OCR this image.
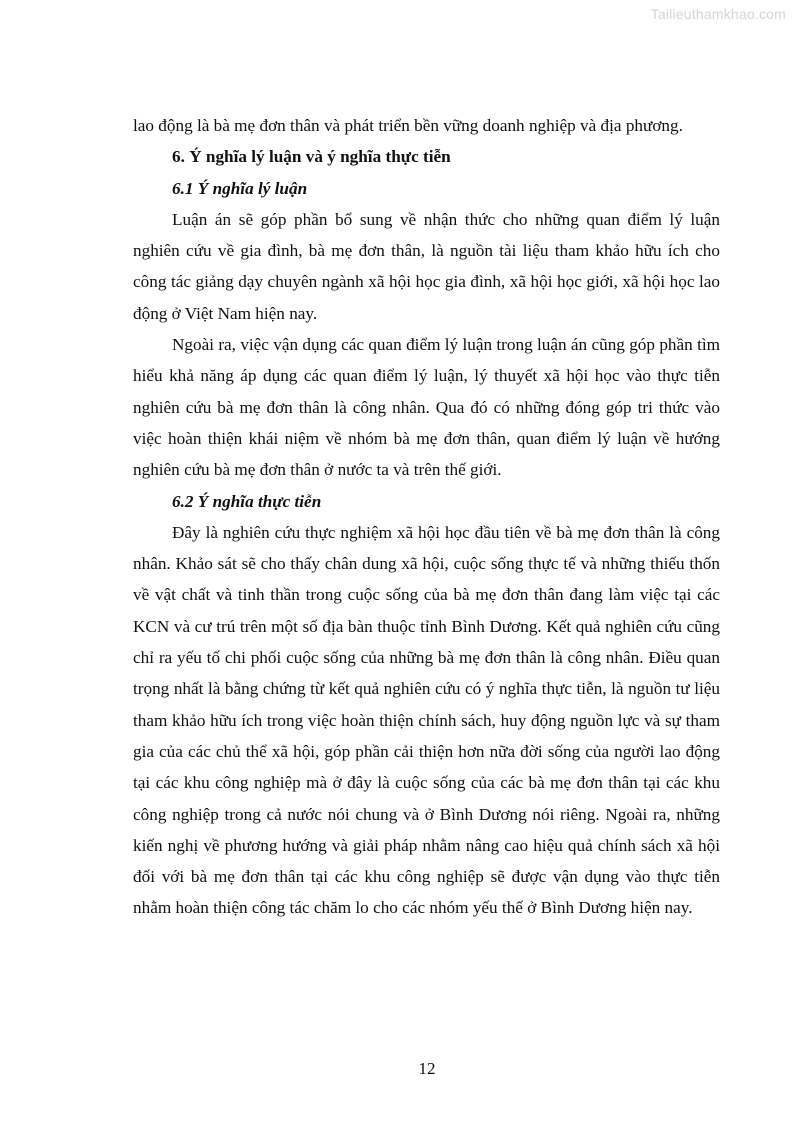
Tailieuthamkhao.com

lao động là bà mẹ đơn thân và phát triển bền vững doanh nghiệp và địa phương.

6. Ý nghĩa lý luận và ý nghĩa thực tiễn

6.1 Ý nghĩa lý luận

Luận án sẽ góp phần bổ sung về nhận thức cho những quan điểm lý luận nghiên cứu về gia đình, bà mẹ đơn thân, là nguồn tài liệu tham khảo hữu ích cho công tác giảng dạy chuyên ngành xã hội học gia đình, xã hội học giới, xã hội học lao động ở Việt Nam hiện nay.

Ngoài ra, việc vận dụng các quan điểm lý luận trong luận án cũng góp phần tìm hiểu khả năng áp dụng các quan điểm lý luận, lý thuyết xã hội học vào thực tiễn nghiên cứu bà mẹ đơn thân là công nhân. Qua đó có những đóng góp tri thức vào việc hoàn thiện khái niệm về nhóm bà mẹ đơn thân, quan điểm lý luận về hướng nghiên cứu bà mẹ đơn thân ở nước ta và trên thế giới.

6.2 Ý nghĩa thực tiễn

Đây là nghiên cứu thực nghiệm xã hội học đầu tiên về bà mẹ đơn thân là công nhân. Khảo sát sẽ cho thấy chân dung xã hội, cuộc sống thực tế và những thiếu thốn về vật chất và tinh thần trong cuộc sống của bà mẹ đơn thân đang làm việc tại các KCN và cư trú trên một số địa bàn thuộc tỉnh Bình Dương. Kết quả nghiên cứu cũng chỉ ra yếu tố chi phối cuộc sống của những bà mẹ đơn thân là công nhân. Điều quan trọng nhất là bằng chứng từ kết quả nghiên cứu có ý nghĩa thực tiễn, là nguồn tư liệu tham khảo hữu ích trong việc hoàn thiện chính sách, huy động nguồn lực và sự tham gia của các chủ thể xã hội, góp phần cải thiện hơn nữa đời sống của người lao động tại các khu công nghiệp mà ở đây là cuộc sống của các bà mẹ đơn thân tại các khu công nghiệp trong cả nước nói chung và ở Bình Dương nói riêng. Ngoài ra, những kiến nghị về phương hướng và giải pháp nhằm nâng cao hiệu quả chính sách xã hội đối với bà mẹ đơn thân tại các khu công nghiệp sẽ được vận dụng vào thực tiễn nhằm hoàn thiện công tác chăm lo cho các nhóm yếu thế ở Bình Dương hiện nay.

12
